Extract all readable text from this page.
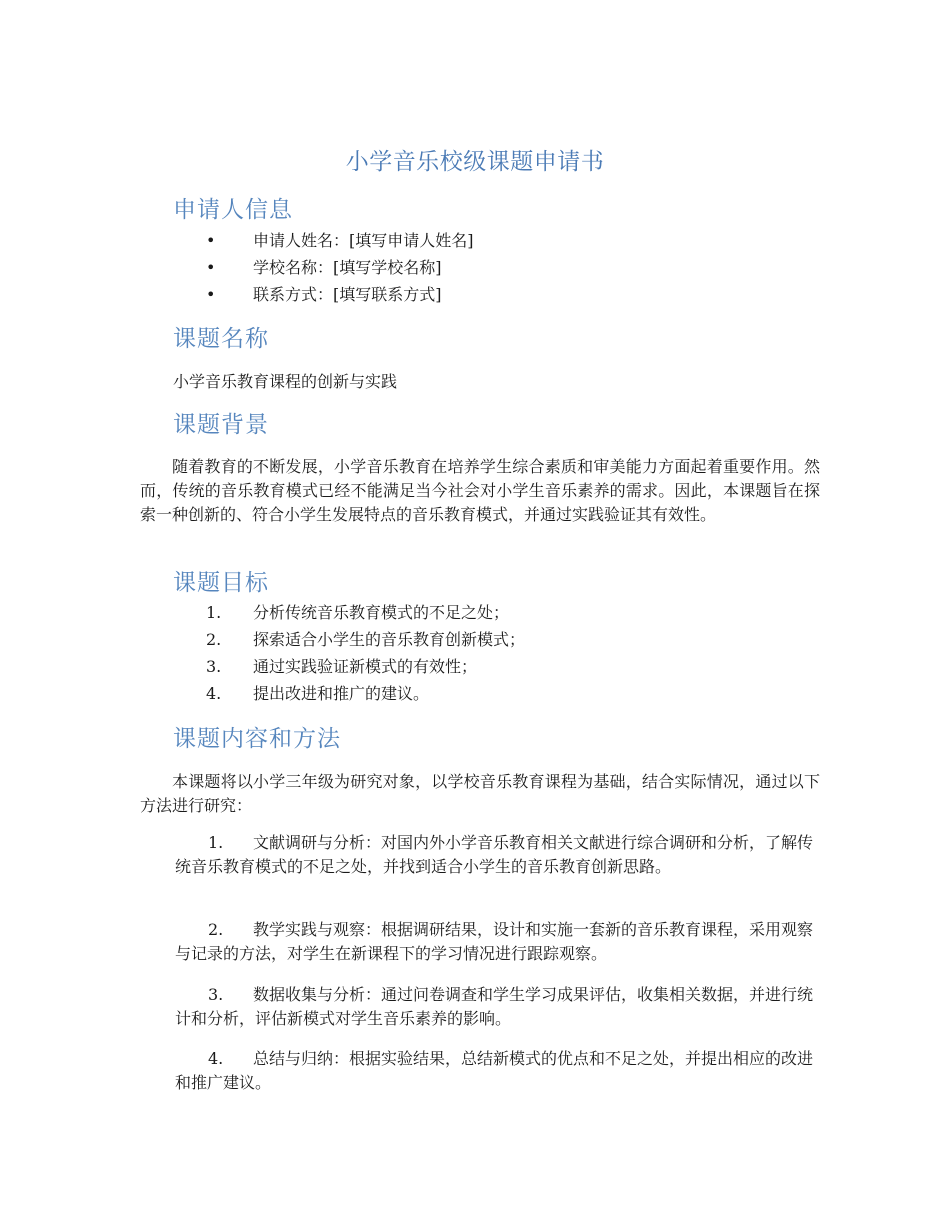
小学音乐校级课题申请书
申请人信息
•	申请人姓名：[填写申请人姓名]
•	学校名称：[填写学校名称]
•	联系方式：[填写联系方式]
课题名称
小学音乐教育课程的创新与实践
课题背景
随着教育的不断发展，小学音乐教育在培养学生综合素质和审美能力方面起着重要作用。然而，传统的音乐教育模式已经不能满足当今社会对小学生音乐素养的需求。因此，本课题旨在探索一种创新的、符合小学生发展特点的音乐教育模式，并通过实践验证其有效性。
课题目标
1.	分析传统音乐教育模式的不足之处；
2.	探索适合小学生的音乐教育创新模式；
3.	通过实践验证新模式的有效性；
4.	提出改进和推广的建议。
课题内容和方法
本课题将以小学三年级为研究对象，以学校音乐教育课程为基础，结合实际情况，通过以下方法进行研究：
1. 文献调研与分析：对国内外小学音乐教育相关文献进行综合调研和分析，了解传统音乐教育模式的不足之处，并找到适合小学生的音乐教育创新思路。
2. 教学实践与观察：根据调研结果，设计和实施一套新的音乐教育课程，采用观察与记录的方法，对学生在新课程下的学习情况进行跟踪观察。
3. 数据收集与分析：通过问卷调查和学生学习成果评估，收集相关数据，并进行统计和分析，评估新模式对学生音乐素养的影响。
4. 总结与归纳：根据实验结果，总结新模式的优点和不足之处，并提出相应的改进和推广建议。
